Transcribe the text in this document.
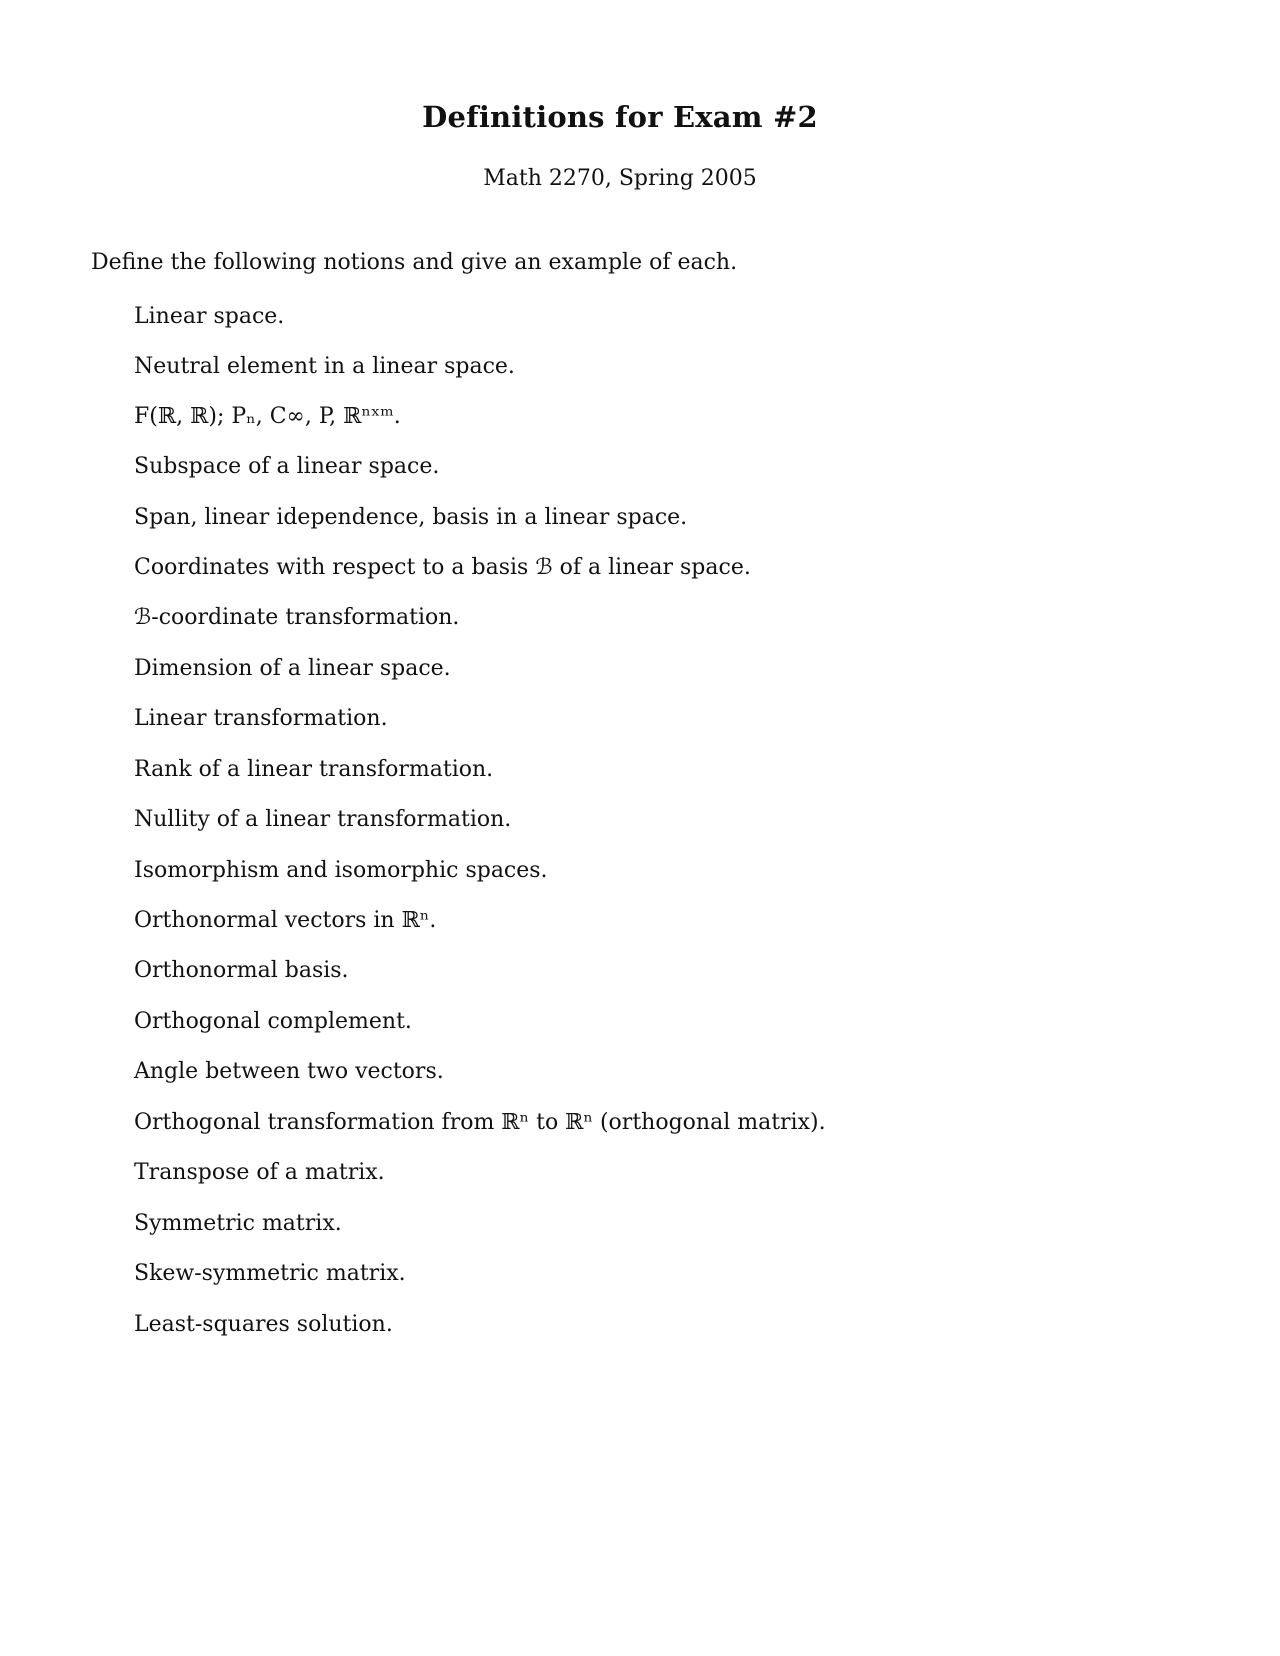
Definitions for Exam #2
Math 2270, Spring 2005
Define the following notions and give an example of each.
Linear space.
Neutral element in a linear space.
F(ℝ, ℝ); Pₙ, C∞, P, ℝⁿˣᵐ.
Subspace of a linear space.
Span, linear idependence, basis in a linear space.
Coordinates with respect to a basis ℬ of a linear space.
ℬ-coordinate transformation.
Dimension of a linear space.
Linear transformation.
Rank of a linear transformation.
Nullity of a linear transformation.
Isomorphism and isomorphic spaces.
Orthonormal vectors in ℝⁿ.
Orthonormal basis.
Orthogonal complement.
Angle between two vectors.
Orthogonal transformation from ℝⁿ to ℝⁿ (orthogonal matrix).
Transpose of a matrix.
Symmetric matrix.
Skew-symmetric matrix.
Least-squares solution.
